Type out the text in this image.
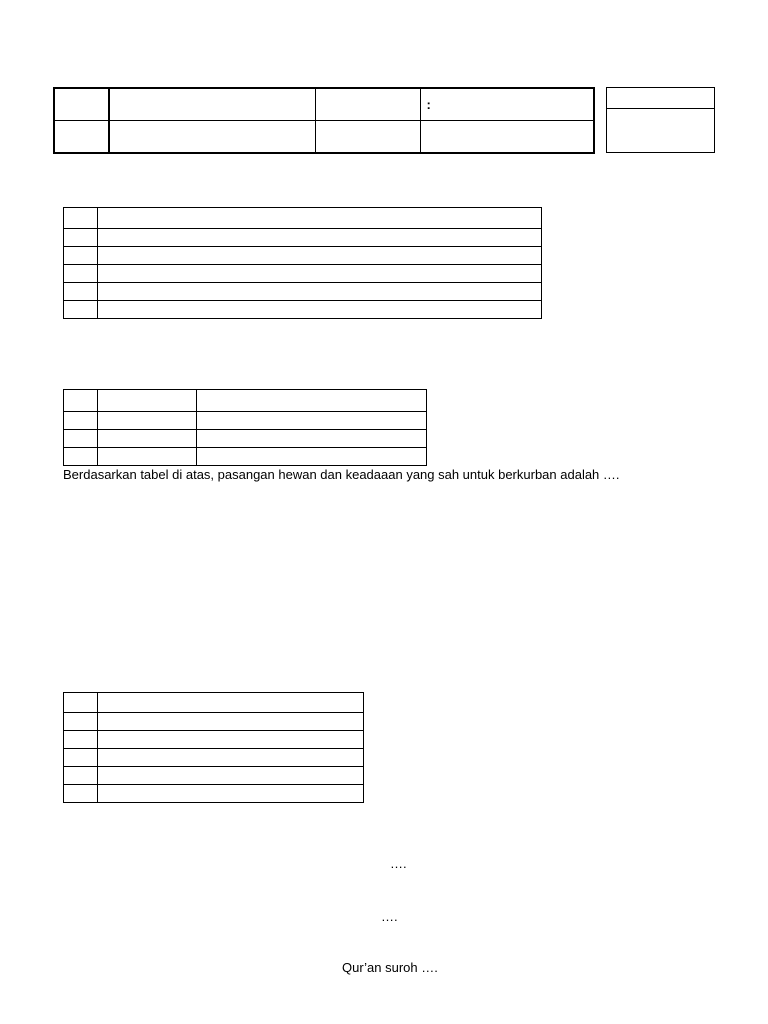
			:

Berdasarkan tabel di atas, pasangan hewan dan keadaaan yang sah untuk berkurban adalah ….

….
….
Qur’an suroh ….
